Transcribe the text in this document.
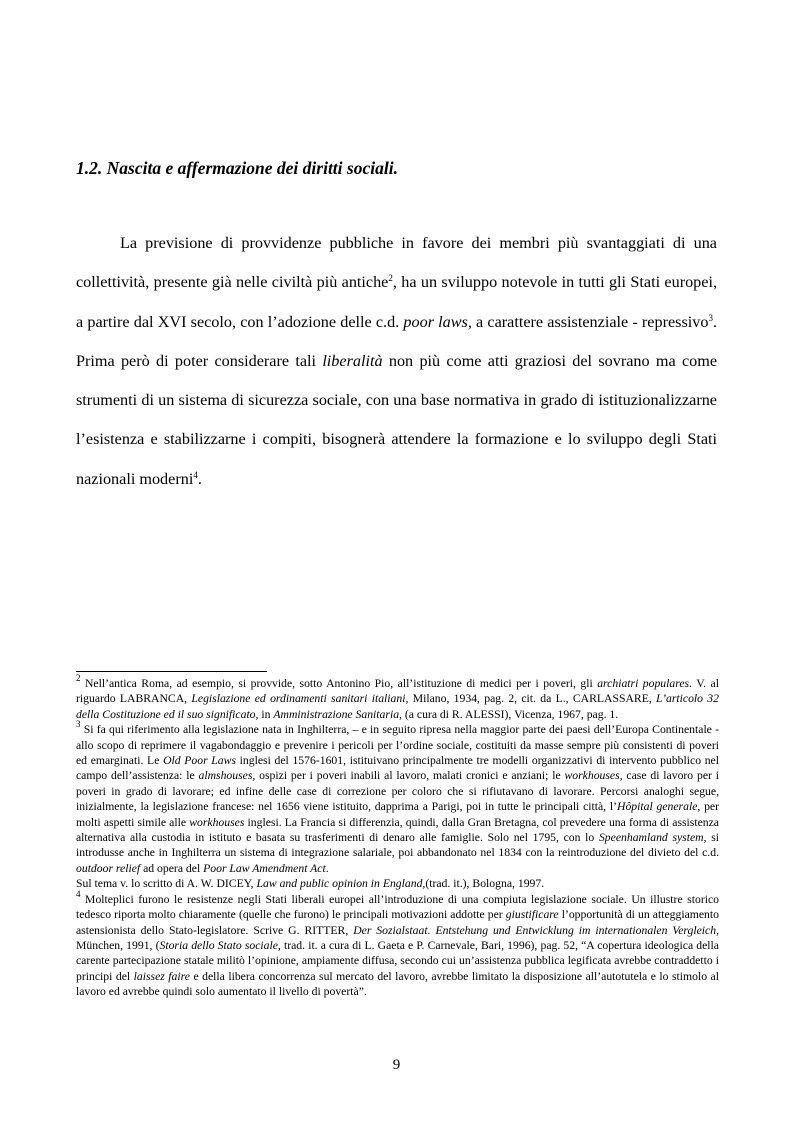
1.2. Nascita e affermazione dei diritti sociali.

La previsione di provvidenze pubbliche in favore dei membri più svantaggiati di una collettività, presente già nelle civiltà più antiche$^2$, ha un sviluppo notevole in tutti gli Stati europei, a partire dal XVI secolo, con l’adozione delle c.d. poor laws, a carattere assistenziale - repressivo$^3$. Prima però di poter considerare tali liberalità non più come atti graziosi del sovrano ma come strumenti di un sistema di sicurezza sociale, con una base normativa in grado di istituzionalizzarne l’esistenza e stabilizzarne i compiti, bisognerà attendere la formazione e lo sviluppo degli Stati nazionali moderni$^4$.

$^2$ Nell’antica Roma, ad esempio, si provvide, sotto Antonino Pio, all’istituzione di medici per i poveri, gli archiatri populares. V. al riguardo LABRANCA, Legislazione ed ordinamenti sanitari italiani, Milano, 1934, pag. 2, cit. da L., CARLASSARE, L’articolo 32 della Costituzione ed il suo significato, in Amministrazione Sanitaria, (a cura di R. ALESSI), Vicenza, 1967, pag. 1.

$^3$ Si fa qui riferimento alla legislazione nata in Inghilterra, – e in seguito ripresa nella maggior parte dei paesi dell’Europa Continentale - allo scopo di reprimere il vagabondaggio e prevenire i pericoli per l’ordine sociale, costituiti da masse sempre più consistenti di poveri ed emarginati. Le Old Poor Laws inglesi del 1576-1601, istituivano principalmente tre modelli organizzativi di intervento pubblico nel campo dell’assistenza: le almshouses, ospizi per i poveri inabili al lavoro, malati cronici e anziani; le workhouses, case di lavoro per i poveri in grado di lavorare; ed infine delle case di correzione per coloro che si rifiutavano di lavorare. Percorsi analoghi segue, inizialmente, la legislazione francese: nel 1656 viene istituito, dapprima a Parigi, poi in tutte le principali città, l’Hôpital generale, per molti aspetti simile alle workhouses inglesi. La Francia si differenzia, quindi, dalla Gran Bretagna, col prevedere una forma di assistenza alternativa alla custodia in istituto e basata su trasferimenti di denaro alle famiglie. Solo nel 1795, con lo Speenhamland system, si introdusse anche in Inghilterra un sistema di integrazione salariale, poi abbandonato nel 1834 con la reintroduzione del divieto del c.d. outdoor relief ad opera del Poor Law Amendment Act.

Sul tema v. lo scritto di A. W. DICEY, Law and public opinion in England,(trad. it.), Bologna, 1997.

$^4$ Molteplici furono le resistenze negli Stati liberali europei all’introduzione di una compiuta legislazione sociale. Un illustre storico tedesco riporta molto chiaramente (quelle che furono) le principali motivazioni addotte per giustificare l’opportunità di un atteggiamento astensionista dello Stato-legislatore. Scrive G. RITTER, Der Sozialstaat. Entstehung und Entwicklung im internationalen Vergleich, München, 1991, (Storia dello Stato sociale, trad. it. a cura di L. Gaeta e P. Carnevale, Bari, 1996), pag. 52, “A copertura ideologica della carente partecipazione statale militò l’opinione, ampiamente diffusa, secondo cui un’assistenza pubblica legificata avrebbe contraddetto i principi del laissez faire e della libera concorrenza sul mercato del lavoro, avrebbe limitato la disposizione all’autotutela e lo stimolo al lavoro ed avrebbe quindi solo aumentato il livello di povertà”.

9
